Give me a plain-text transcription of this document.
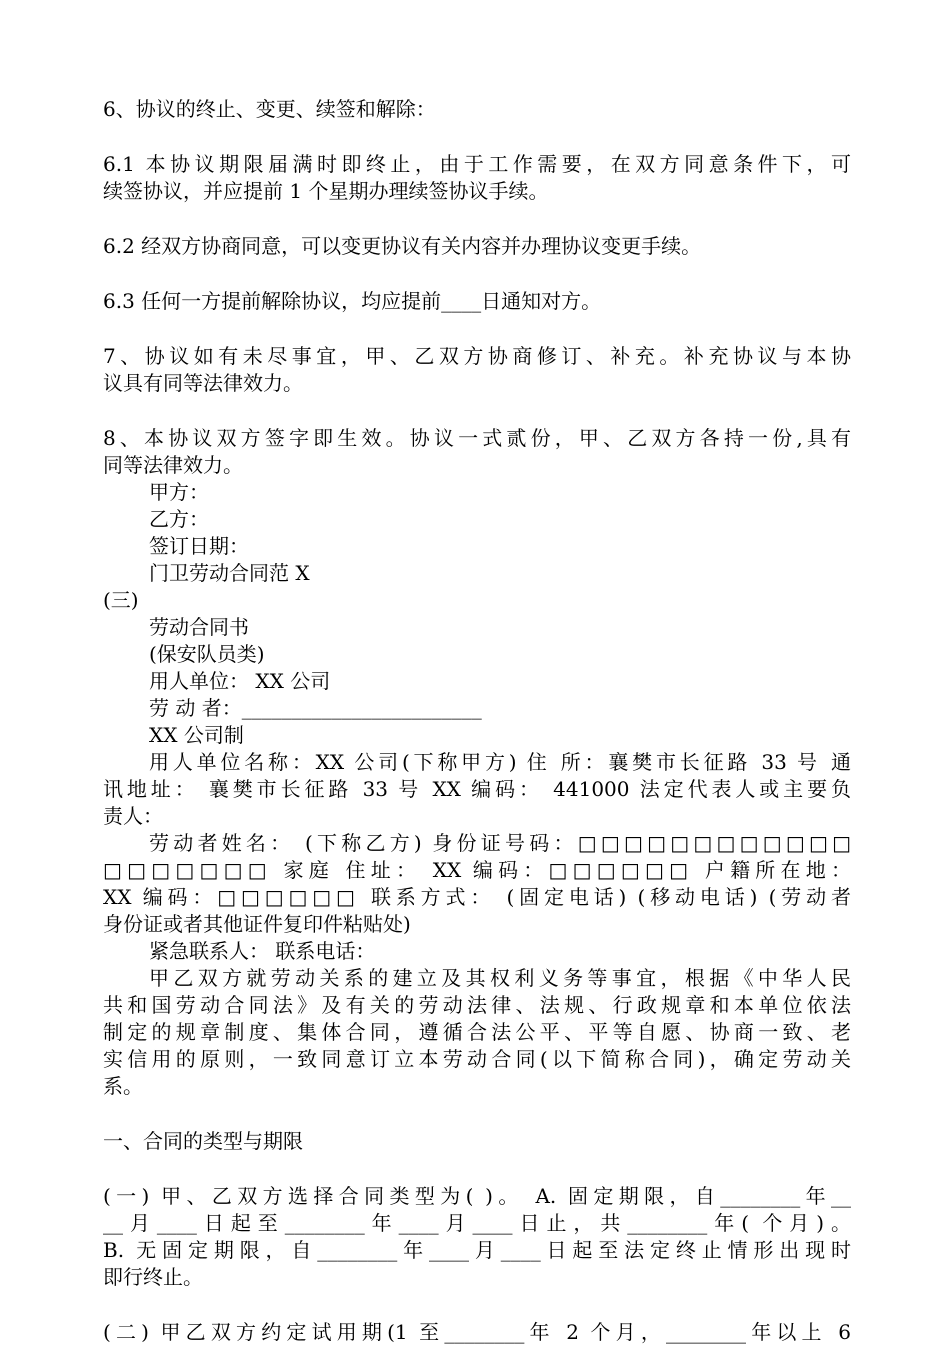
6、协议的终止、变更、续签和解除：

6.1 本协议期限届满时即终止，由于工作需要，在双方同意条件下，可
续签协议，并应提前 1 个星期办理续签协议手续。

6.2 经双方协商同意，可以变更协议有关内容并办理协议变更手续。

6.3 任何一方提前解除协议，均应提前____日通知对方。

7、协议如有未尽事宜，甲、乙双方协商修订、补充。补充协议与本协
议具有同等法律效力。

8、本协议双方签字即生效。协议一式贰份，甲、乙双方各持一份,具有
同等法律效力。

甲方：

乙方：

签订日期：

门卫劳动合同范 X

(三)

劳动合同书

(保安队员类)

用人单位： XX 公司

劳 动 者：________________________

XX 公司制

用人单位名称：XX 公司(下称甲方) 住 所：襄樊市长征路 33 号 通
讯地址： 襄樊市长征路 33 号 XX 编码： 441000 法定代表人或主要负
责人：

劳动者姓名： (下称乙方) 身份证号码：□□□□□□□□□□□□
□□□□□□□ 家庭 住址： XX 编码：□□□□□□ 户籍所在地：
XX 编码：□□□□□□ 联系方式： (固定电话) (移动电话) (劳动者
身份证或者其他证件复印件粘贴处)

紧急联系人： 联系电话：

甲乙双方就劳动关系的建立及其权利义务等事宜，根据《中华人民
共和国劳动合同法》及有关的劳动法律、法规、行政规章和本单位依法
制定的规章制度、集体合同，遵循合法公平、平等自愿、协商一致、老
实信用的原则，一致同意订立本劳动合同(以下简称合同)，确定劳动关
系。

一、合同的类型与期限

(一) 甲、乙双方选择合同类型为( )。 A. 固定期限，自________年__
__月____日起至________年____月____日止，共________年( 个月)。
B. 无固定期限，自________年____月____日起至法定终止情形出现时
即行终止。

(二) 甲乙双方约定试用期(1 至________年 2 个月，________年以上 6
